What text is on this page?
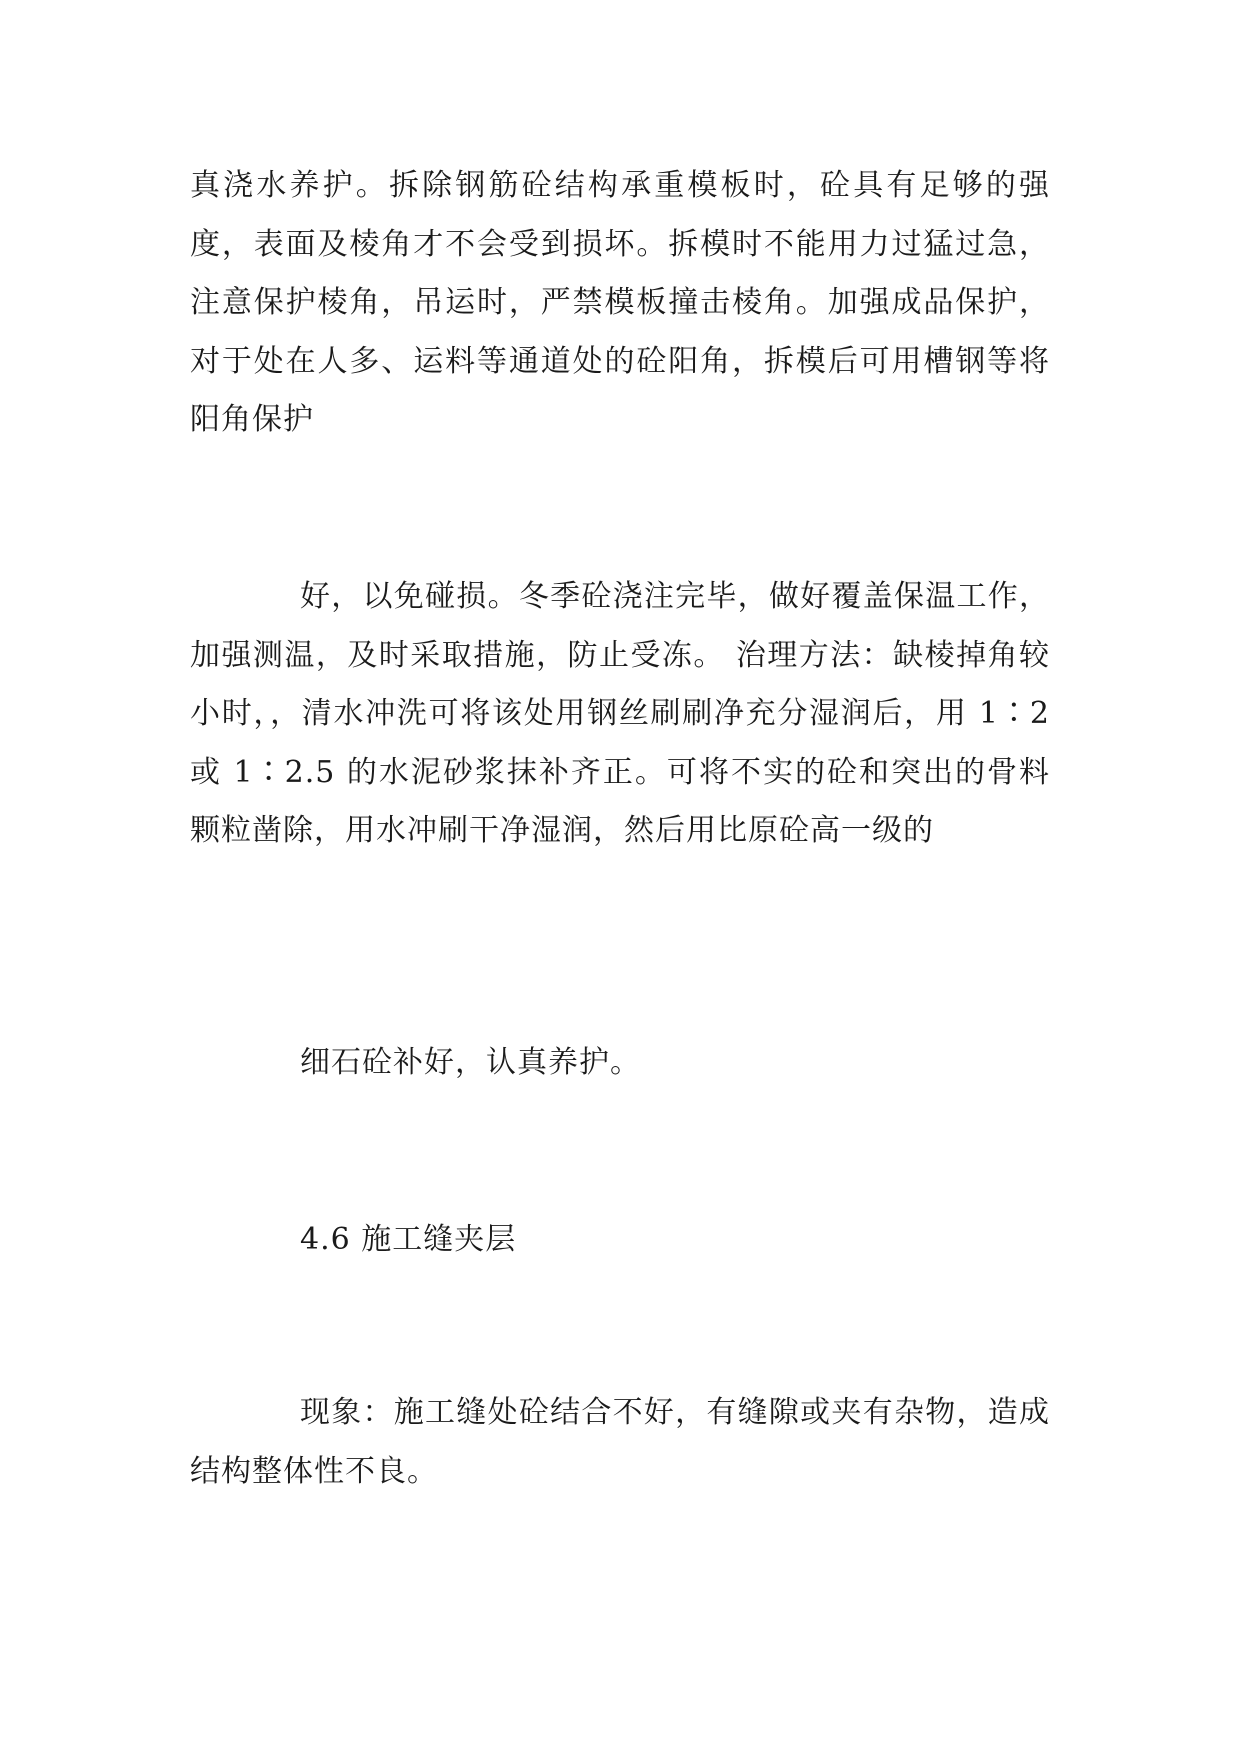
真浇水养护。拆除钢筋砼结构承重模板时，砼具有足够的强度，表面及棱角才不会受到损坏。拆模时不能用力过猛过急，注意保护棱角，吊运时，严禁模板撞击棱角。加强成品保护，对于处在人多、运料等通道处的砼阳角，拆模后可用槽钢等将阳角保护

好，以免碰损。冬季砼浇注完毕，做好覆盖保温工作，加强测温，及时采取措施，防止受冻。 治理方法：缺棱掉角较小时，，清水冲洗可将该处用钢丝刷刷净充分湿润后，用 1∶2 或 1∶2.5 的水泥砂浆抹补齐正。可将不实的砼和突出的骨料颗粒凿除，用水冲刷干净湿润，然后用比原砼高一级的

细石砼补好，认真养护。

4.6 施工缝夹层

现象：施工缝处砼结合不好，有缝隙或夹有杂物，造成结构整体性不良。
